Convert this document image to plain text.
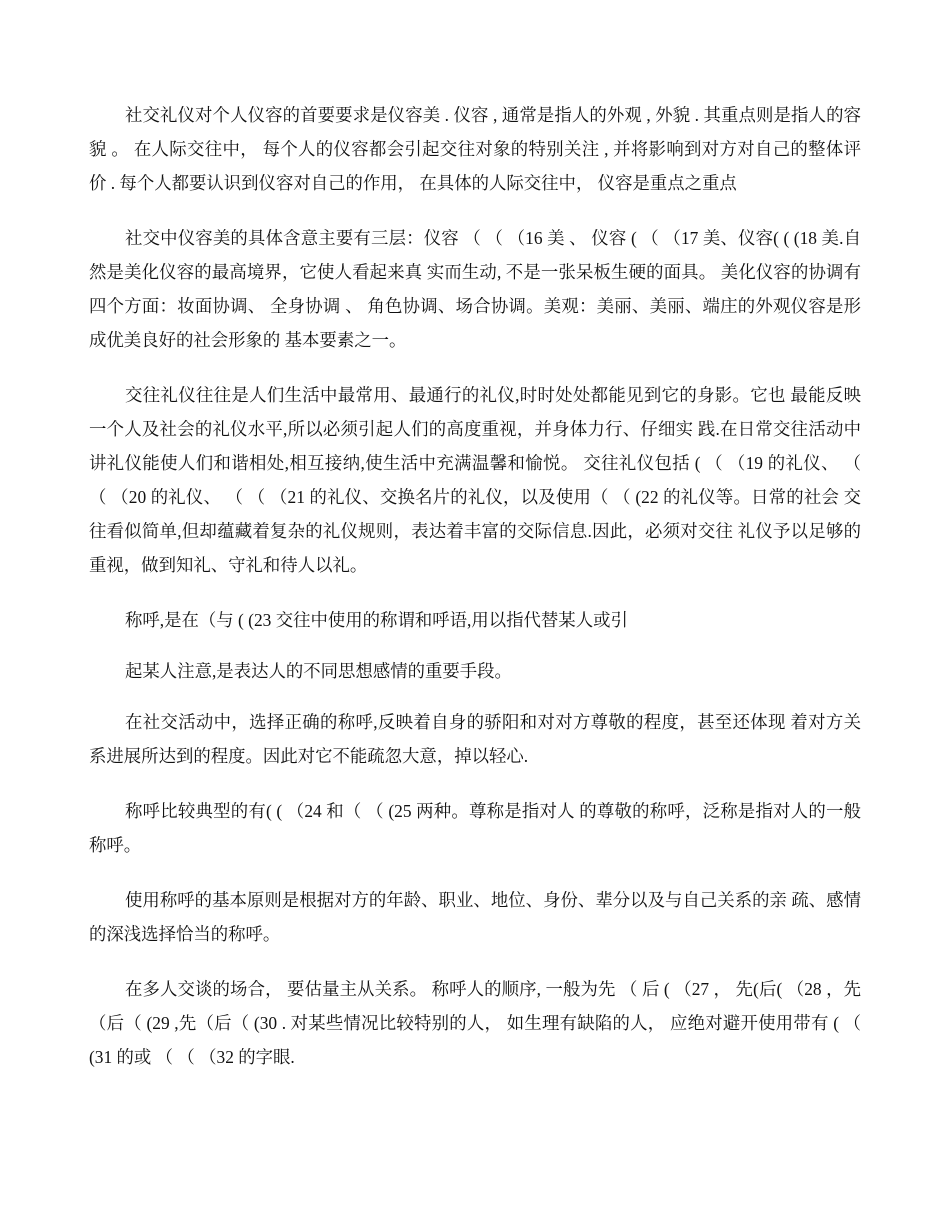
社交礼仪对个人仪容的首要要求是仪容美 . 仪容 , 通常是指人的外观 , 外貌 . 其重点则是指人的容貌 。 在人际交往中， 每个人的仪容都会引起交往对象的特别关注 , 并将影响到对方对自己的整体评价 . 每个人都要认识到仪容对自己的作用， 在具体的人际交往中， 仪容是重点之重点

社交中仪容美的具体含意主要有三层：仪容 （ （ （16 美 、 仪容 ( （ （17 美、仪容( ( (18 美.自然是美化仪容的最高境界，它使人看起来真 实而生动, 不是一张呆板生硬的面具。 美化仪容的协调有四个方面：妆面协调、 全身协调 、 角色协调、场合协调。美观：美丽、美丽、端庄的外观仪容是形成优美良好的社会形象的 基本要素之一。

交往礼仪往往是人们生活中最常用、最通行的礼仪,时时处处都能见到它的身影。它也 最能反映一个人及社会的礼仪水平,所以必须引起人们的高度重视，并身体力行、仔细实 践.在日常交往活动中讲礼仪能使人们和谐相处,相互接纳,使生活中充满温馨和愉悦。 交往礼仪包括 ( （ （19 的礼仪、 （ （ （20 的礼仪、 （ （ （21 的礼仪、交换名片的礼仪，以及使用（ （ (22 的礼仪等。日常的社会 交往看似简单,但却蕴藏着复杂的礼仪规则，表达着丰富的交际信息.因此，必须对交往 礼仪予以足够的重视，做到知礼、守礼和待人以礼。

称呼,是在（与 ( (23 交往中使用的称谓和呼语,用以指代替某人或引

起某人注意,是表达人的不同思想感情的重要手段。

在社交活动中，选择正确的称呼,反映着自身的骄阳和对对方尊敬的程度，甚至还体现 着对方关系进展所达到的程度。因此对它不能疏忽大意，掉以轻心.

称呼比较典型的有( ( （24 和（ （ (25 两种。尊称是指对人 的尊敬的称呼，泛称是指对人的一般称呼。

使用称呼的基本原则是根据对方的年龄、职业、地位、身份、辈分以及与自己关系的亲 疏、感情的深浅选择恰当的称呼。

在多人交谈的场合， 要估量主从关系。 称呼人的顺序, 一般为先 （ 后 ( （27 ， 先(后( （28 ，先（后（ (29 ,先（后（ (30 . 对某些情况比较特别的人， 如生理有缺陷的人， 应绝对避开使用带有 ( （ (31 的或 （ （ （32 的字眼.
